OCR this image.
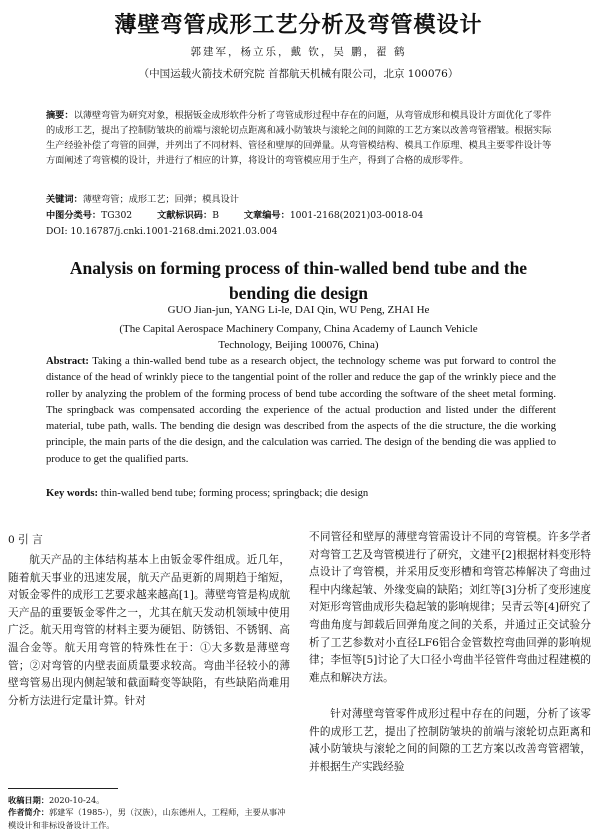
薄壁弯管成形工艺分析及弯管模设计
郭建军，杨立乐，戴 钦，吴 鹏，翟 鹤
（中国运载火箭技术研究院 首都航天机械有限公司，北京 100076）
摘要：以薄壁弯管为研究对象，根据钣金成形软件分析了弯管成形过程中存在的问题，从弯管成形和模具设计方面优化了零件的成形工艺，提出了控制防皱块的前端与滚轮切点距离和减小防皱块与滚轮之间的间隙的工艺方案以改善弯管褶皱。根据实际生产经验补偿了弯管的回弹，并列出了不同材料、管径和壁厚的回弹量。从弯管模结构、模具工作原理、模具主要零件设计等方面阐述了弯管模的设计，并进行了相应的计算，将设计的弯管模应用于生产，得到了合格的成形零件。
关键词：薄壁弯管；成形工艺；回弹；模具设计
中图分类号：TG302	文献标识码：B	文章编号：1001-2168(2021)03-0018-04
DOI: 10.16787/j.cnki.1001-2168.dmi.2021.03.004
Analysis on forming process of thin-walled bend tube and the bending die design
GUO Jian-jun, YANG Li-le, DAI Qin, WU Peng, ZHAI He
(The Capital Aerospace Machinery Company, China Academy of Launch Vehicle
Technology, Beijing 100076, China)
Abstract: Taking a thin-walled bend tube as a research object, the technology scheme was put forward to control the distance of the head of wrinkly piece to the tangential point of the roller and reduce the gap of the wrinkly piece and the roller by analyzing the problem of the forming process of bend tube according the software of the sheet metal forming. The springback was compensated according the experience of the actual production and listed under the different material, tube path, walls. The bending die design was described from the aspects of the die structure, the die working principle, the main parts of the die design, and the calculation was carried. The design of the bending die was applied to produce to get the qualified parts.
Key words: thin-walled bend tube; forming process; springback; die design
0 引 言
航天产品的主体结构基本上由钣金零件组成。近几年，随着航天事业的迅速发展，航天产品更新的周期趋于缩短，对钣金零件的成形工艺要求越来越高[1]。薄壁弯管是构成航天产品的重要钣金零件之一，尤其在航天发动机领域中使用广泛。航天用弯管的材料主要为硬铝、防锈铝、不锈钢、高温合金等。航天用弯管的特殊性在于：①大多数是薄壁弯管；②对弯管的内壁表面质量要求较高。弯曲半径较小的薄壁弯管易出现内侧起皱和截面畸变等缺陷，有些缺陷尚难用分析方法进行定量计算。针对
不同管径和壁厚的薄壁弯管需设计不同的弯管模。许多学者对弯管工艺及弯管模进行了研究，文建平[2]根据材料变形特点设计了弯管模，并采用反变形槽和弯管芯棒解决了弯曲过程中内缘起皱、外缘变扁的缺陷；刘红等[3]分析了变形速度对矩形弯管曲成形失稳起皱的影响规律；吴青云等[4]研究了弯曲角度与卸载后回弹角度之间的关系，并通过正交试验分析了工艺参数对小直径LF6铝合金管数控弯曲回弹的影响规律；李恒等[5]讨论了大口径小弯曲半径管件弯曲过程建模的难点和解决方法。
针对薄壁弯管零件成形过程中存在的问题，分析了该零件的成形工艺，提出了控制防皱块的前端与滚轮切点距离和减小防皱块与滚轮之间的间隙的工艺方案以改善弯管褶皱，并根据生产实践经验
收稿日期：2020-10-24。
作者简介：郭建军（1985-），男（汉族），山东德州人，工程师，主要从事冲模设计和非标设备设计工作。
